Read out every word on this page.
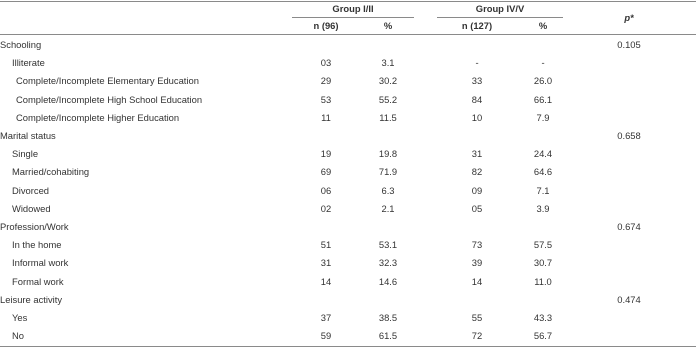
Group I/II	Group IV/V
n (96)	%	n (127)	%
p*
Schooling	0.105
Illiterate	03	3.1	-	-
Complete/Incomplete Elementary Education	29	30.2	33	26.0
Complete/Incomplete High School Education	53	55.2	84	66.1
Complete/Incomplete Higher Education	11	11.5	10	7.9
Marital status	0.658
Single	19	19.8	31	24.4
Married/cohabiting	69	71.9	82	64.6
Divorced	06	6.3	09	7.1
Widowed	02	2.1	05	3.9
Profession/Work	0.674
In the home	51	53.1	73	57.5
Informal work	31	32.3	39	30.7
Formal work	14	14.6	14	11.0
Leisure activity	0.474
Yes	37	38.5	55	43.3
No	59	61.5	72	56.7
